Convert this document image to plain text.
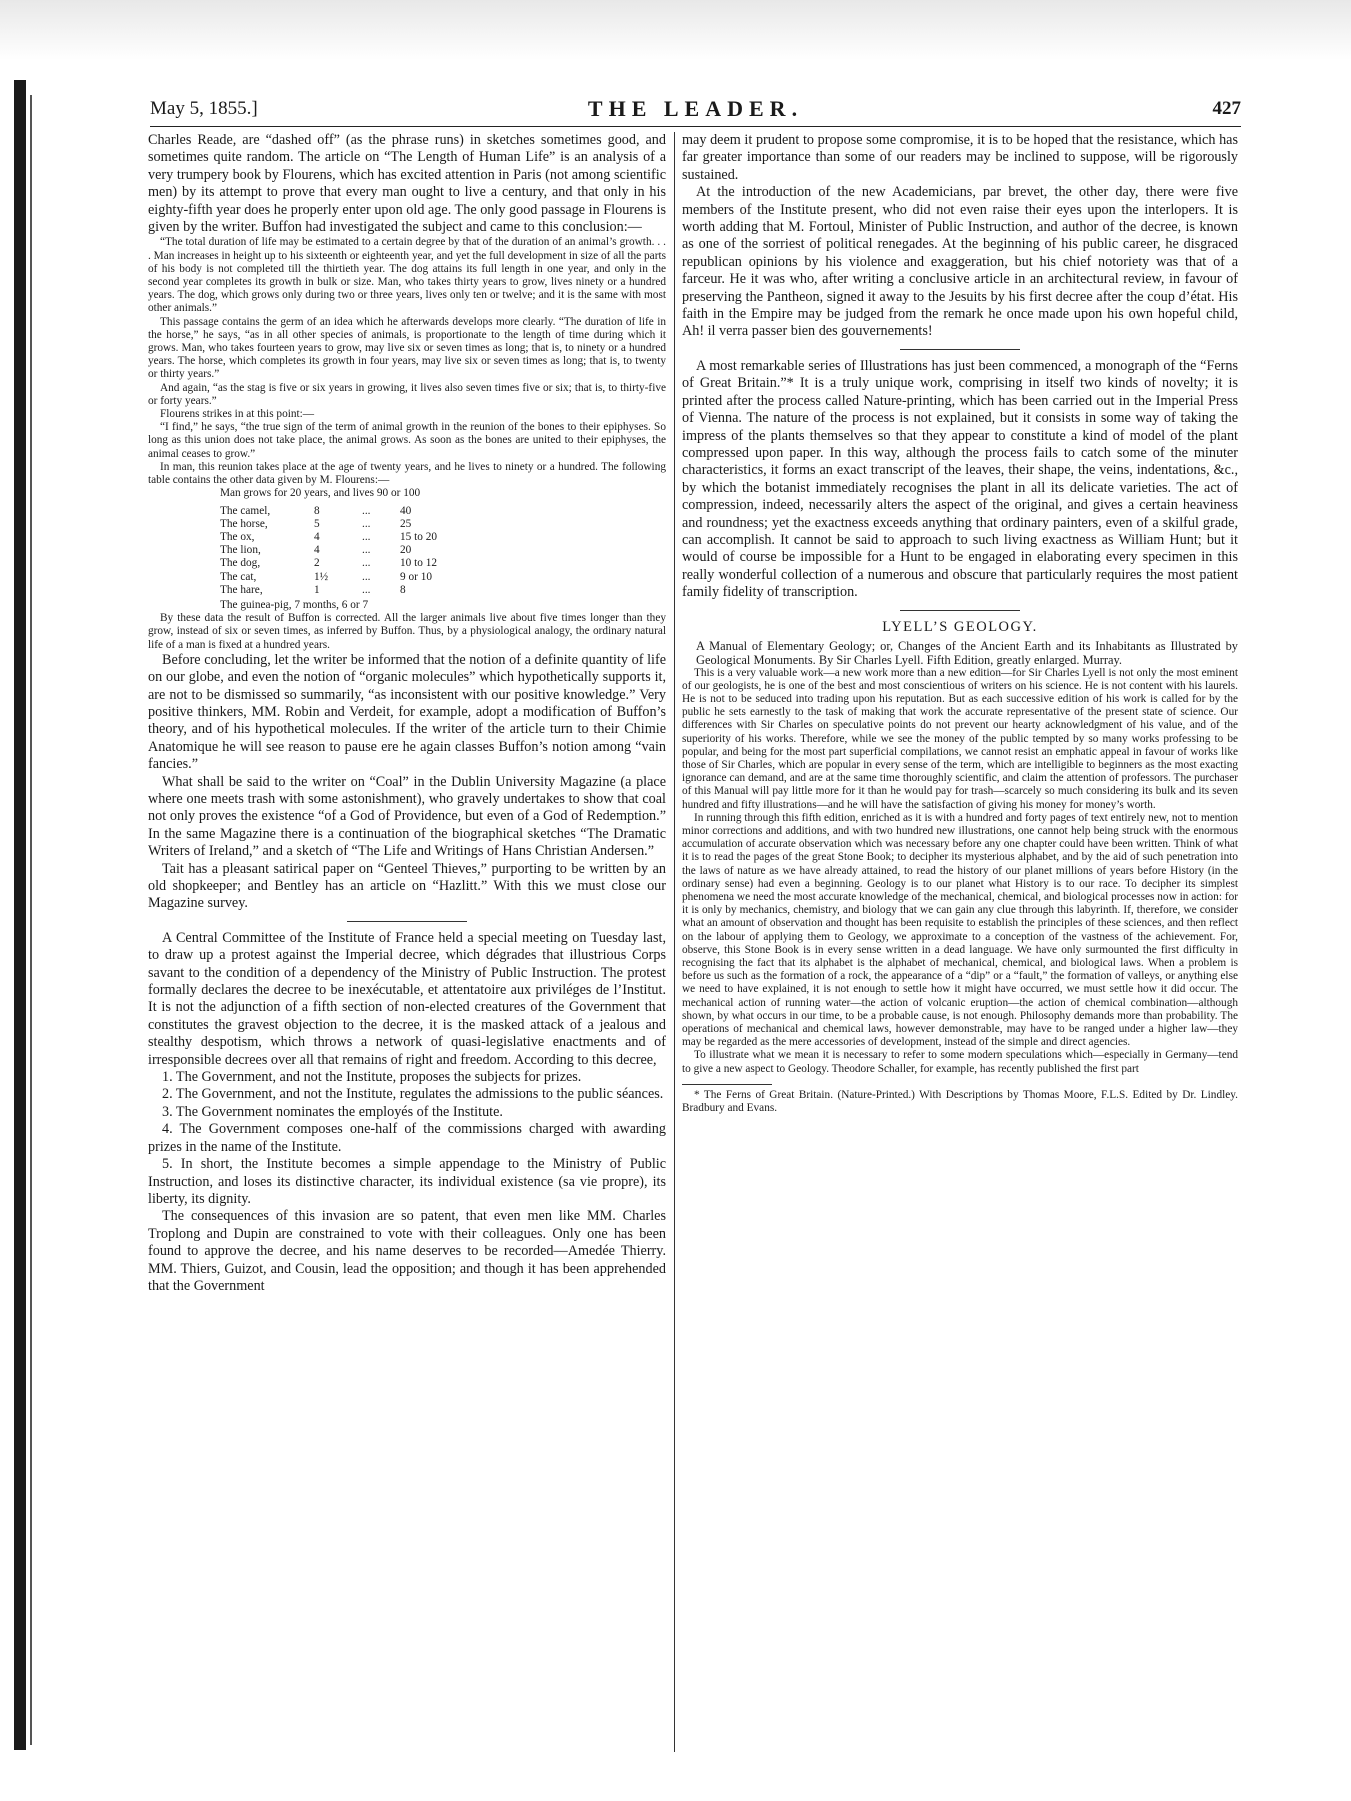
May 5, 1855.]	THE LEADER.	427

Charles Reade, are “dashed off” (as the phrase runs) in sketches sometimes good, and sometimes quite random. The article on “The Length of Human Life” is an analysis of a very trumpery book by Flourens, which has excited attention in Paris (not among scientific men) by its attempt to prove that every man ought to live a century, and that only in his eighty-fifth year does he properly enter upon old age. The only good passage in Flourens is given by the writer. Buffon had investigated the subject and came to this conclusion:—

“The total duration of life may be estimated to a certain degree by that of the duration of an animal’s growth. . . . Man increases in height up to his sixteenth or eighteenth year, and yet the full development in size of all the parts of his body is not completed till the thirtieth year. The dog attains its full length in one year, and only in the second year completes its growth in bulk or size. Man, who takes thirty years to grow, lives ninety or a hundred years. The dog, which grows only during two or three years, lives only ten or twelve; and it is the same with most other animals.”

This passage contains the germ of an idea which he afterwards develops more clearly. “The duration of life in the horse,” he says, “as in all other species of animals, is proportionate to the length of time during which it grows. Man, who takes fourteen years to grow, may live six or seven times as long; that is, to ninety or a hundred years. The horse, which completes its growth in four years, may live six or seven times as long; that is, to twenty or thirty years.”

And again, “as the stag is five or six years in growing, it lives also seven times five or six; that is, to thirty-five or forty years.”

Flourens strikes in at this point:—

“I find,” he says, “the true sign of the term of animal growth in the reunion of the bones to their epiphyses. So long as this union does not take place, the animal grows. As soon as the bones are united to their epiphyses, the animal ceases to grow.”

In man, this reunion takes place at the age of twenty years, and he lives to ninety or a hundred. The following table contains the other data given by M. Flourens:—

Man grows for 20 years, and lives 90 or 100
The camel,	8	...	40
The horse,	5	...	25
The ox,	4	...	15 to 20
The lion,	4	...	20
The dog,	2	...	10 to 12
The cat,	1½	...	9 or 10
The hare,	1	...	8
The guinea-pig, 7 months, 6 or 7

By these data the result of Buffon is corrected. All the larger animals live about five times longer than they grow, instead of six or seven times, as inferred by Buffon. Thus, by a physiological analogy, the ordinary natural life of a man is fixed at a hundred years.

Before concluding, let the writer be informed that the notion of a definite quantity of life on our globe, and even the notion of “organic molecules” which hypothetically supports it, are not to be dismissed so summarily, “as inconsistent with our positive knowledge.” Very positive thinkers, MM. Robin and Verdeit, for example, adopt a modification of Buffon’s theory, and of his hypothetical molecules. If the writer of the article turn to their Chimie Anatomique he will see reason to pause ere he again classes Buffon’s notion among “vain fancies.”

What shall be said to the writer on “Coal” in the Dublin University Magazine (a place where one meets trash with some astonishment), who gravely undertakes to show that coal not only proves the existence “of a God of Providence, but even of a God of Redemption.” In the same Magazine there is a continuation of the biographical sketches “The Dramatic Writers of Ireland,” and a sketch of “The Life and Writings of Hans Christian Andersen.”

Tait has a pleasant satirical paper on “Genteel Thieves,” purporting to be written by an old shopkeeper; and Bentley has an article on “Hazlitt.” With this we must close our Magazine survey.

A Central Committee of the Institute of France held a special meeting on Tuesday last, to draw up a protest against the Imperial decree, which dégrades that illustrious Corps savant to the condition of a dependency of the Ministry of Public Instruction. The protest formally declares the decree to be inexécutable, et attentatoire aux priviléges de l’Institut. It is not the adjunction of a fifth section of non-elected creatures of the Government that constitutes the gravest objection to the decree, it is the masked attack of a jealous and stealthy despotism, which throws a network of quasi-legislative enactments and of irresponsible decrees over all that remains of right and freedom. According to this decree,

1. The Government, and not the Institute, proposes the subjects for prizes.

2. The Government, and not the Institute, regulates the admissions to the public séances.

3. The Government nominates the employés of the Institute.

4. The Government composes one-half of the commissions charged with awarding prizes in the name of the Institute.

5. In short, the Institute becomes a simple appendage to the Ministry of Public Instruction, and loses its distinctive character, its individual existence (sa vie propre), its liberty, its dignity.

The consequences of this invasion are so patent, that even men like MM. Charles Troplong and Dupin are constrained to vote with their colleagues. Only one has been found to approve the decree, and his name deserves to be recorded—Amedée Thierry. MM. Thiers, Guizot, and Cousin, lead the opposition; and though it has been apprehended that the Government

may deem it prudent to propose some compromise, it is to be hoped that the resistance, which has far greater importance than some of our readers may be inclined to suppose, will be rigorously sustained.

At the introduction of the new Academicians, par brevet, the other day, there were five members of the Institute present, who did not even raise their eyes upon the interlopers. It is worth adding that M. Fortoul, Minister of Public Instruction, and author of the decree, is known as one of the sorriest of political renegades. At the beginning of his public career, he disgraced republican opinions by his violence and exaggeration, but his chief notoriety was that of a farceur. He it was who, after writing a conclusive article in an architectural review, in favour of preserving the Pantheon, signed it away to the Jesuits by his first decree after the coup d’état. His faith in the Empire may be judged from the remark he once made upon his own hopeful child, Ah! il verra passer bien des gouvernements!

A most remarkable series of Illustrations has just been commenced, a monograph of the “Ferns of Great Britain.”* It is a truly unique work, comprising in itself two kinds of novelty; it is printed after the process called Nature-printing, which has been carried out in the Imperial Press of Vienna. The nature of the process is not explained, but it consists in some way of taking the impress of the plants themselves so that they appear to constitute a kind of model of the plant compressed upon paper. In this way, although the process fails to catch some of the minuter characteristics, it forms an exact transcript of the leaves, their shape, the veins, indentations, &c., by which the botanist immediately recognises the plant in all its delicate varieties. The act of compression, indeed, necessarily alters the aspect of the original, and gives a certain heaviness and roundness; yet the exactness exceeds anything that ordinary painters, even of a skilful grade, can accomplish. It cannot be said to approach to such living exactness as William Hunt; but it would of course be impossible for a Hunt to be engaged in elaborating every specimen in this really wonderful collection of a numerous and obscure that particularly requires the most patient family fidelity of transcription.

LYELL’S GEOLOGY.

A Manual of Elementary Geology; or, Changes of the Ancient Earth and its Inhabitants as Illustrated by Geological Monuments. By Sir Charles Lyell. Fifth Edition, greatly enlarged. Murray.

This is a very valuable work—a new work more than a new edition—for Sir Charles Lyell is not only the most eminent of our geologists, he is one of the best and most conscientious of writers on his science. He is not content with his laurels. He is not to be seduced into trading upon his reputation. But as each successive edition of his work is called for by the public he sets earnestly to the task of making that work the accurate representative of the present state of science. Our differences with Sir Charles on speculative points do not prevent our hearty acknowledgment of his value, and of the superiority of his works. Therefore, while we see the money of the public tempted by so many works professing to be popular, and being for the most part superficial compilations, we cannot resist an emphatic appeal in favour of works like those of Sir Charles, which are popular in every sense of the term, which are intelligible to beginners as the most exacting ignorance can demand, and are at the same time thoroughly scientific, and claim the attention of professors. The purchaser of this Manual will pay little more for it than he would pay for trash—scarcely so much considering its bulk and its seven hundred and fifty illustrations—and he will have the satisfaction of giving his money for money’s worth.

In running through this fifth edition, enriched as it is with a hundred and forty pages of text entirely new, not to mention minor corrections and additions, and with two hundred new illustrations, one cannot help being struck with the enormous accumulation of accurate observation which was necessary before any one chapter could have been written. Think of what it is to read the pages of the great Stone Book; to decipher its mysterious alphabet, and by the aid of such penetration into the laws of nature as we have already attained, to read the history of our planet millions of years before History (in the ordinary sense) had even a beginning. Geology is to our planet what History is to our race. To decipher its simplest phenomena we need the most accurate knowledge of the mechanical, chemical, and biological processes now in action: for it is only by mechanics, chemistry, and biology that we can gain any clue through this labyrinth. If, therefore, we consider what an amount of observation and thought has been requisite to establish the principles of these sciences, and then reflect on the labour of applying them to Geology, we approximate to a conception of the vastness of the achievement. For, observe, this Stone Book is in every sense written in a dead language. We have only surmounted the first difficulty in recognising the fact that its alphabet is the alphabet of mechanical, chemical, and biological laws. When a problem is before us such as the formation of a rock, the appearance of a “dip” or a “fault,” the formation of valleys, or anything else we need to have explained, it is not enough to settle how it might have occurred, we must settle how it did occur. The mechanical action of running water—the action of volcanic eruption—the action of chemical combination—although shown, by what occurs in our time, to be a probable cause, is not enough. Philosophy demands more than probability. The operations of mechanical and chemical laws, however demonstrable, may have to be ranged under a higher law—they may be regarded as the mere accessories of development, instead of the simple and direct agencies.

To illustrate what we mean it is necessary to refer to some modern speculations which—especially in Germany—tend to give a new aspect to Geology. Theodore Schaller, for example, has recently published the first part

* The Ferns of Great Britain. (Nature-Printed.) With Descriptions by Thomas Moore, F.L.S. Edited by Dr. Lindley. Bradbury and Evans.
